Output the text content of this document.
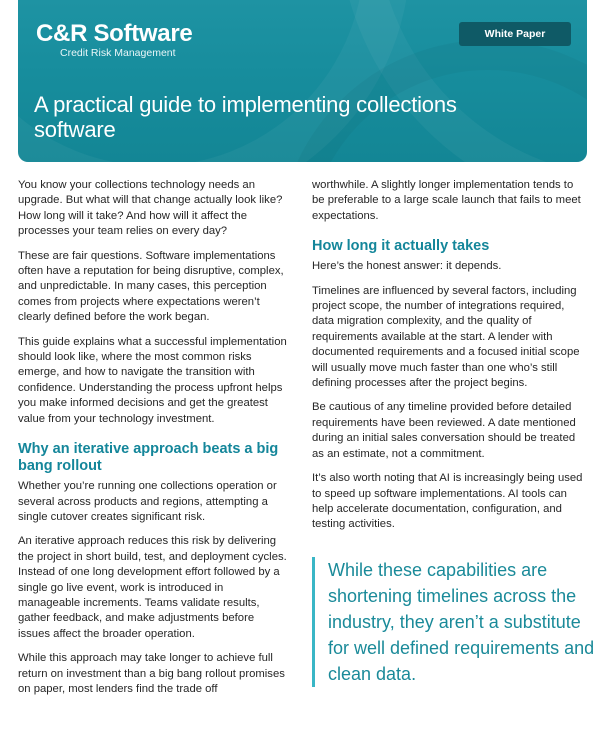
C&R Software
Credit Risk Management
White Paper
A practical guide to implementing collections software

You know your collections technology needs an upgrade. But what will that change actually look like? How long will it take? And how will it affect the processes your team relies on every day?

These are fair questions. Software implementations often have a reputation for being disruptive, complex, and unpredictable. In many cases, this perception comes from projects where expectations weren’t clearly defined before the work began.

This guide explains what a successful implementation should look like, where the most common risks emerge, and how to navigate the transition with confidence. Understanding the process upfront helps you make informed decisions and get the greatest value from your technology investment.

Why an iterative approach beats a big bang rollout

Whether you’re running one collections operation or several across products and regions, attempting a single cutover creates significant risk.

An iterative approach reduces this risk by delivering the project in short build, test, and deployment cycles. Instead of one long development effort followed by a single go live event, work is introduced in manageable increments. Teams validate results, gather feedback, and make adjustments before issues affect the broader operation.

While this approach may take longer to achieve full return on investment than a big bang rollout promises on paper, most lenders find the trade off

worthwhile. A slightly longer implementation tends to be preferable to a large scale launch that fails to meet expectations.

How long it actually takes

Here’s the honest answer: it depends.

Timelines are influenced by several factors, including project scope, the number of integrations required, data migration complexity, and the quality of requirements available at the start. A lender with documented requirements and a focused initial scope will usually move much faster than one who’s still defining processes after the project begins.

Be cautious of any timeline provided before detailed requirements have been reviewed. A date mentioned during an initial sales conversation should be treated as an estimate, not a commitment.

It’s also worth noting that AI is increasingly being used to speed up software implementations. AI tools can help accelerate documentation, configuration, and testing activities.

While these capabilities are shortening timelines across the industry, they aren’t a substitute for well defined requirements and clean data.
